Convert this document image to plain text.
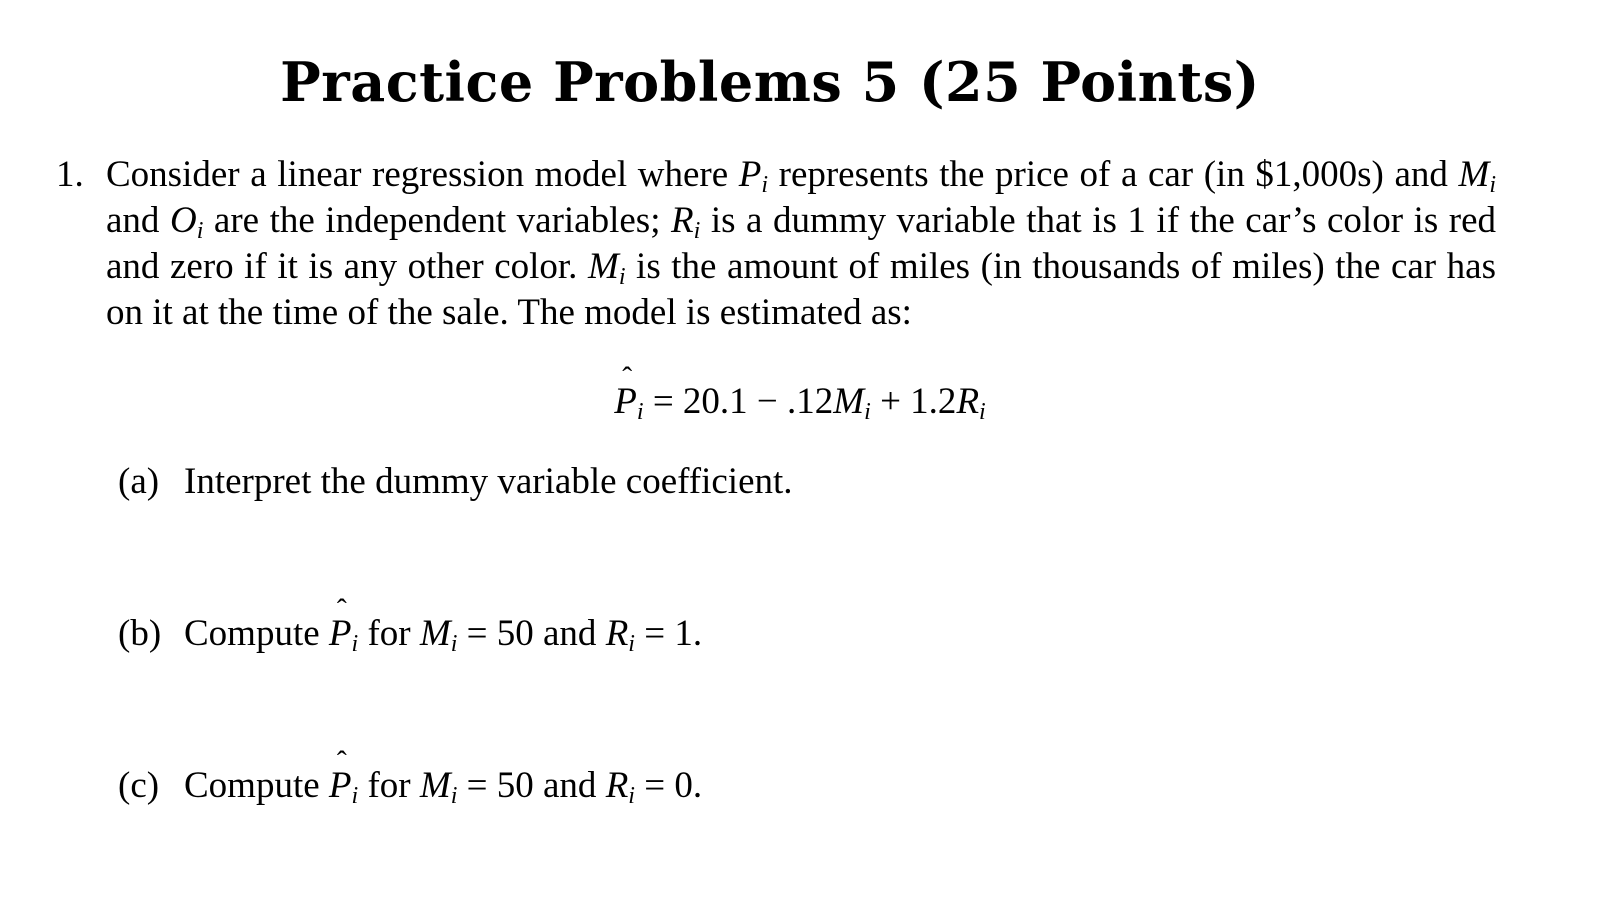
Practice Problems 5 (25 Points)
1. Consider a linear regression model where $P_i$ represents the price of a car (in $1,000s) and $M_i$ and $O_i$ are the independent variables; $R_i$ is a dummy variable that is 1 if the car’s color is red and zero if it is any other color. $M_i$ is the amount of miles (in thousands of miles) the car has on it at the time of the sale. The model is estimated as:
ˆ $P_i = 20.1 - .12M_i + 1.2R_i$
(a) Interpret the dummy variable coefficient.
(b) Compute ˆ $P_i$ for $M_i = 50$ and $R_i = 1$.
(c) Compute ˆ $P_i$ for $M_i = 50$ and $R_i = 0$.
